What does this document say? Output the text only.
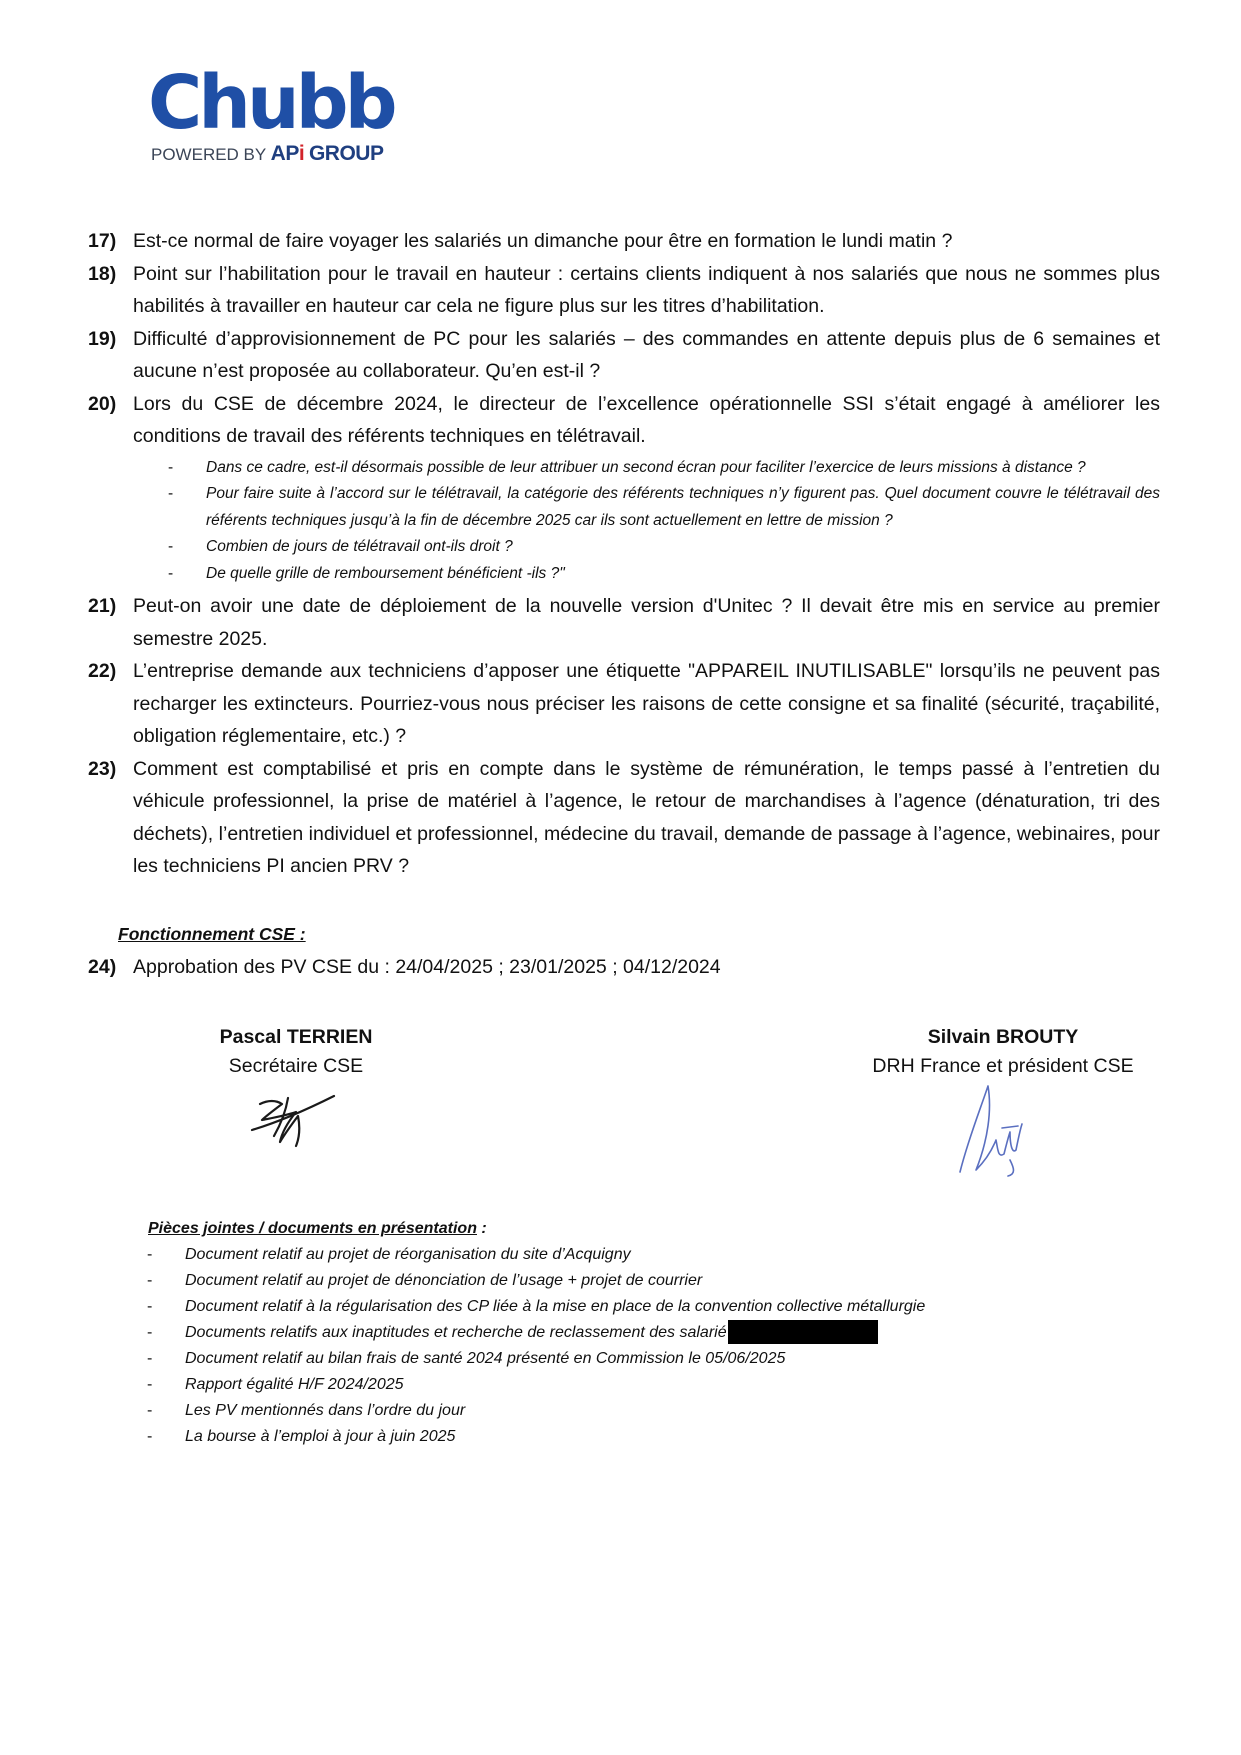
Chubb
POWERED BY APi GROUP
17) Est-ce normal de faire voyager les salariés un dimanche pour être en formation le lundi matin ?
18) Point sur l’habilitation pour le travail en hauteur : certains clients indiquent à nos salariés que nous ne sommes plus habilités à travailler en hauteur car cela ne figure plus sur les titres d’habilitation.
19) Difficulté d’approvisionnement de PC pour les salariés – des commandes en attente depuis plus de 6 semaines et aucune n’est proposée au collaborateur. Qu’en est-il ?
20) Lors du CSE de décembre 2024, le directeur de l’excellence opérationnelle SSI s’était engagé à améliorer les conditions de travail des référents techniques en télétravail.
-	Dans ce cadre, est-il désormais possible de leur attribuer un second écran pour faciliter l’exercice de leurs missions à distance ?
-	Pour faire suite à l’accord sur le télétravail, la catégorie des référents techniques n’y figurent pas. Quel document couvre le télétravail des référents techniques jusqu’à la fin de décembre 2025 car ils sont actuellement en lettre de mission ?
-	Combien de jours de télétravail ont-ils droit ?
-	De quelle grille de remboursement bénéficient -ils ?"
21) Peut-on avoir une date de déploiement de la nouvelle version d'Unitec ? Il devait être mis en service au premier semestre 2025.
22) L’entreprise demande aux techniciens d’apposer une étiquette "APPAREIL INUTILISABLE" lorsqu’ils ne peuvent pas recharger les extincteurs. Pourriez-vous nous préciser les raisons de cette consigne et sa finalité (sécurité, traçabilité, obligation réglementaire, etc.) ?
23) Comment est comptabilisé et pris en compte dans le système de rémunération, le temps passé à l’entretien du véhicule professionnel, la prise de matériel à l’agence, le retour de marchandises à l’agence (dénaturation, tri des déchets), l’entretien individuel et professionnel, médecine du travail, demande de passage à l’agence, webinaires, pour les techniciens PI ancien PRV ?
Fonctionnement CSE :
24) Approbation des PV CSE du : 24/04/2025 ; 23/01/2025 ; 04/12/2024
Pascal TERRIEN
Secrétaire CSE
Silvain BROUTY
DRH France et président CSE
Pièces jointes / documents en présentation :
-	Document relatif au projet de réorganisation du site d’Acquigny
-	Document relatif au projet de dénonciation de l’usage + projet de courrier
-	Document relatif à la régularisation des CP liée à la mise en place de la convention collective métallurgie
-	Documents relatifs aux inaptitudes et recherche de reclassement des salarié
-	Document relatif au bilan frais de santé 2024 présenté en Commission le 05/06/2025
-	Rapport égalité H/F 2024/2025
-	Les PV mentionnés dans l’ordre du jour
-	La bourse à l’emploi à jour à juin 2025
